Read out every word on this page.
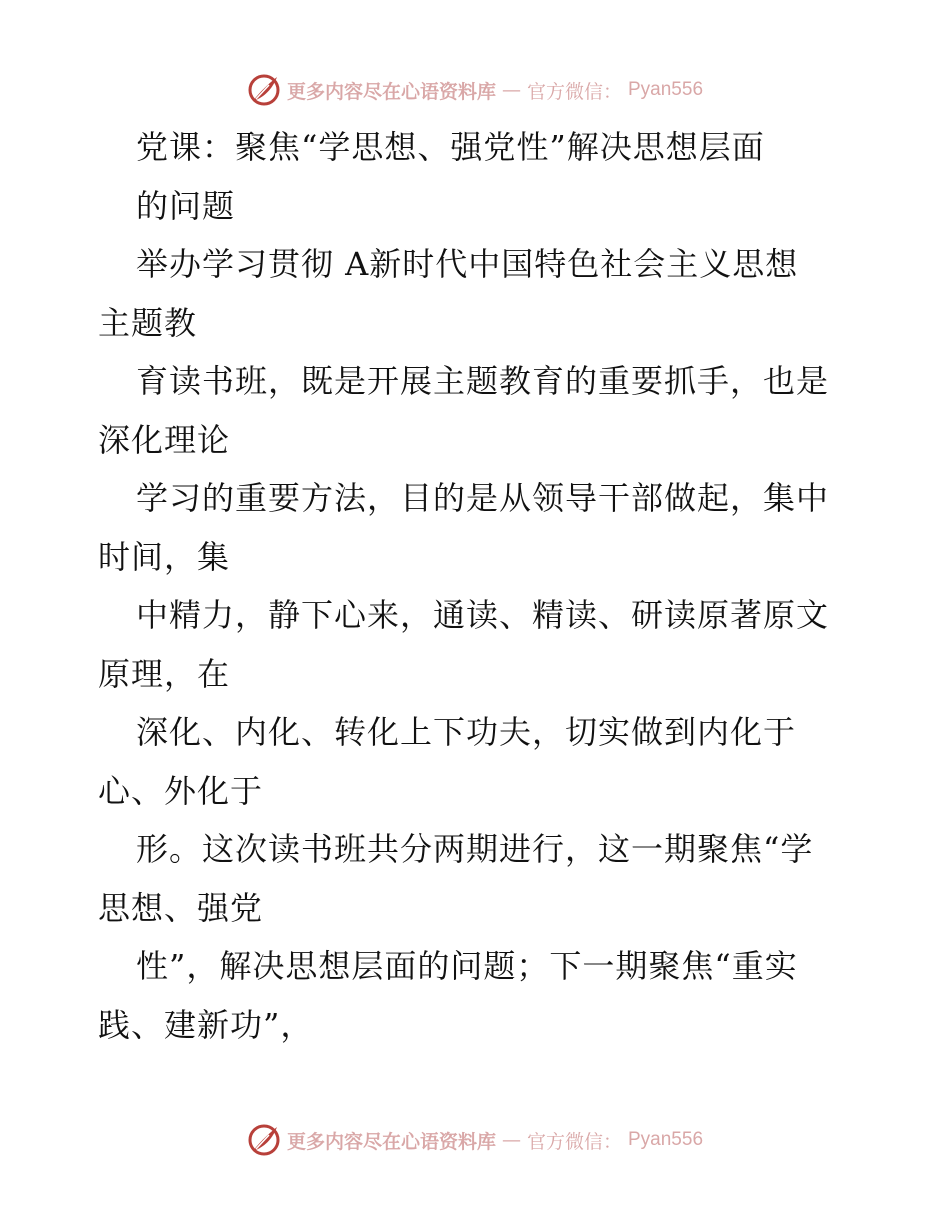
更多内容尽在心语资料库 — 官方微信： Pyan556
党课：聚焦“学思想、强党性”解决思想层面
的问题
举办学习贯彻 A新时代中国特色社会主义思想
主题教
育读书班，既是开展主题教育的重要抓手，也是
深化理论
学习的重要方法，目的是从领导干部做起，集中
时间，集
中精力，静下心来，通读、精读、研读原著原文
原理，在
深化、内化、转化上下功夫，切实做到内化于
心、外化于
形。这次读书班共分两期进行，这一期聚焦“学
思想、强党
性”，解决思想层面的问题；下一期聚焦“重实
践、建新功”，
更多内容尽在心语资料库 — 官方微信： Pyan556
